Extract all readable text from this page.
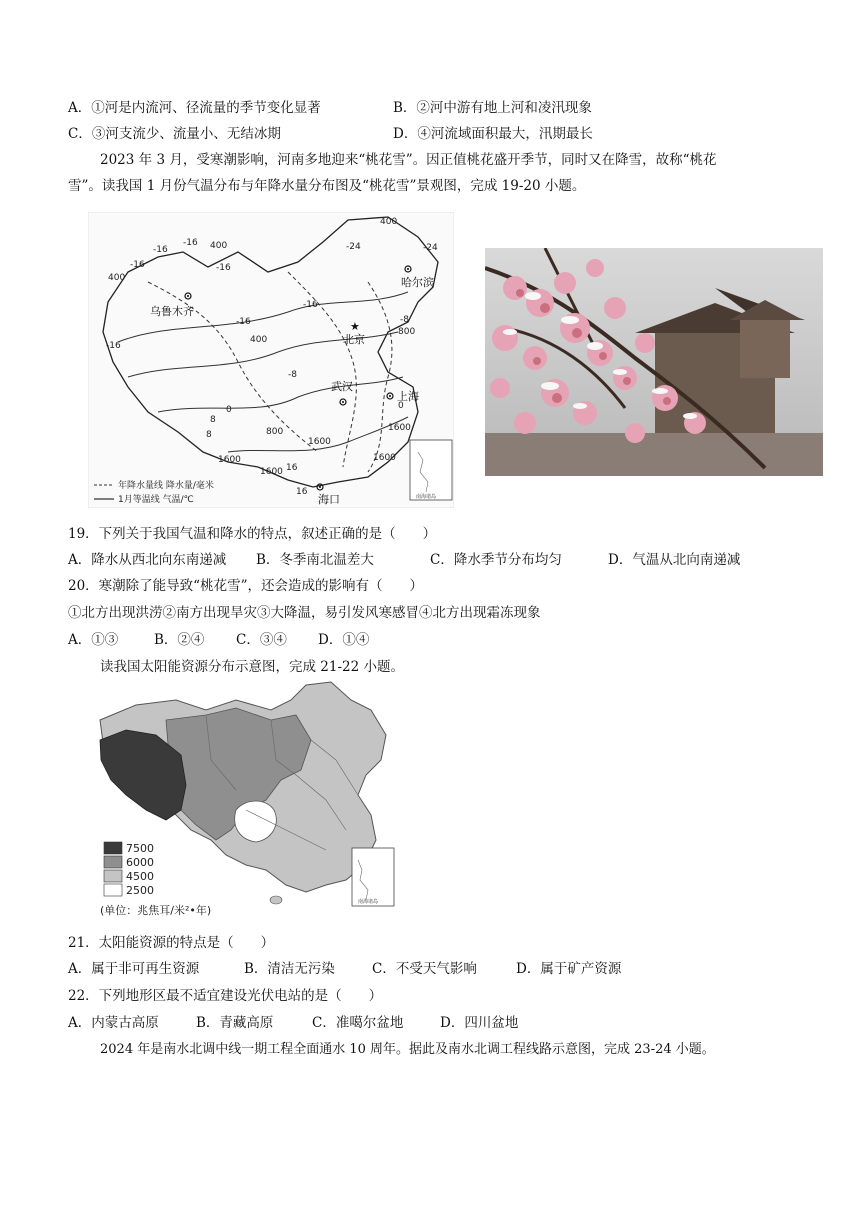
A．①河是内流河、径流量的季节变化显著	B．②河中游有地上河和凌汛现象
C．③河支流少、流量小、无结冰期	D．④河流域面积最大，汛期最长
2023 年 3 月，受寒潮影响，河南多地迎来“桃花雪”。因正值桃花盛开季节，同时又在降雪，故称“桃花
雪”。读我国 1 月份气温分布与年降水量分布图及“桃花雪”景观图，完成 19-20 小题。
-16 400
-16	-24	-24
400
-16
-16
-16
400
-16
-8
-16
400
800
-8
0
8	800
1600
1600
0
8
1600
1600
1600
16
16
乌鲁木齐
哈尔滨
★
北京
武汉
上海
海口	南海诸岛
年降水量线 降水量/毫米
1月等温线 气温/℃
19．下列关于我国气温和降水的特点，叙述正确的是（　　）
A．降水从西北向东南递减 B．冬季南北温差大	C．降水季节分布均匀	D．气温从北向南递减
20．寒潮除了能导致“桃花雪”，还会造成的影响有（　　）
①北方出现洪涝②南方出现旱灾③大降温，易引发风寒感冒④北方出现霜冻现象
A．①③	B．②④ C．③④ D．①④
读我国太阳能资源分布示意图，完成 21-22 小题。
南海诸岛
7500
6000
4500
2500
(单位：兆焦耳/米²•年)
21．太阳能资源的特点是（　　）
A．属于非可再生资源	B．清洁无污染	C．不受天气影响	D．属于矿产资源
22．下列地形区最不适宜建设光伏电站的是（　　）
A．内蒙古高原	B．青藏高原	C．准噶尔盆地	D．四川盆地
2024 年是南水北调中线一期工程全面通水 10 周年。据此及南水北调工程线路示意图，完成 23-24 小题。
